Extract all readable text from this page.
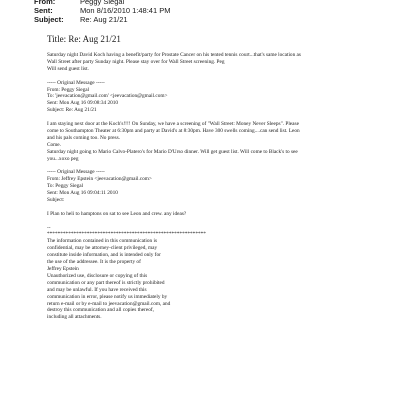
From:	Peggy Siegal
Sent:	Mon 8/16/2010 1:48:41 PM
Subject:	Re: Aug 21/21
Title: Re: Aug 21/21
Saturday night David Koch having a benefit/party for Prostate Cancer on his tented tennis court...that's same location as
Wall Street after party Sunday night. Please stay over for Wall Street screening. Peg
Will send guest list.
----- Original Message -----
From: Peggy Siegal
To: 'jeevacation@gmail.com' <jeevacation@gmail.com>
Sent: Mon Aug 16 09:08:34 2010
Subject: Re: Aug 21/21
I am staying next door at the Koch's!!!! On Sunday, we have a screening of "Wall Street: Money Never Sleeps". Please
come to Southampton Theater at 6:30pm and party at David's at 8:30pm. Have 300 swells coming....can send list. Leon
and his pals coming too. No press.
Come.
Saturday night going to Mario Calvo-Platero's for Mario D'Urso dinner. Will get guest list. Will come to Black's to see
you...xoxo peg
----- Original Message -----
From: Jeffrey Epstein <jeevacation@gmail.com>
To: Peggy Siegal
Sent: Mon Aug 16 09:04:11 2010
Subject:
I Plan to heli to hamptons on sat to see Leon and crew. any ideas?
--
************************************************************
The information contained in this communication is
confidential, may be attorney-client privileged, may
constitute inside information, and is intended only for
the use of the addressee. It is the property of
Jeffrey Epstein
Unauthorized use, disclosure or copying of this
communication or any part thereof is strictly prohibited
and may be unlawful. If you have received this
communication in error, please notify us immediately by
return e-mail or by e-mail to jeevacation@gmail.com, and
destroy this communication and all copies thereof,
including all attachments.
